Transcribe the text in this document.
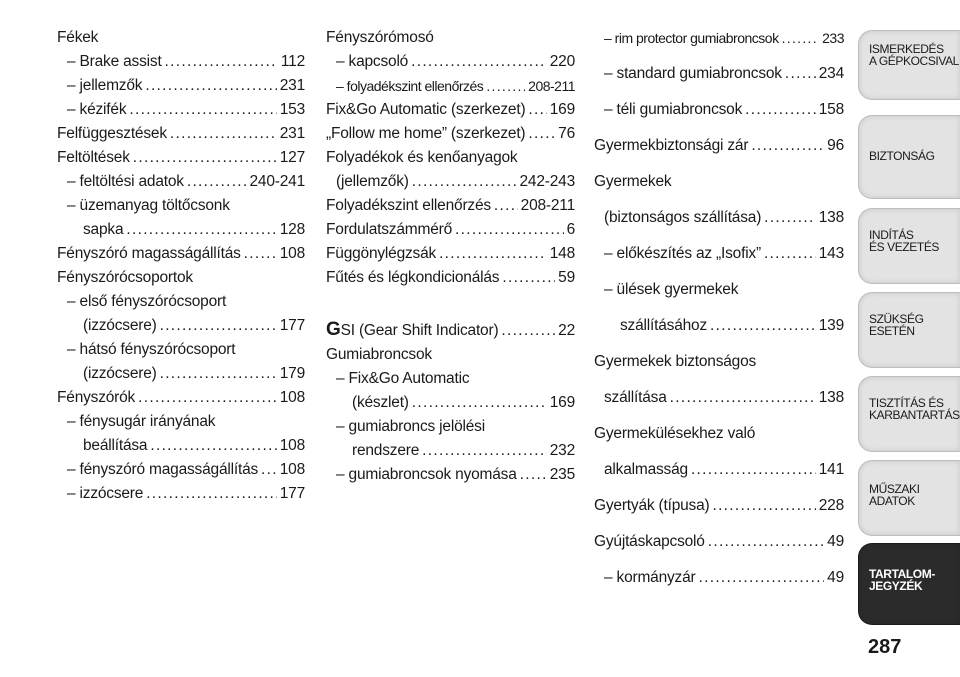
Fékek
– Brake assist .....	112
– jellemzők .....	231
– kézifék .....	153
Felfüggesztések .....	231
Feltöltések .....	127
– feltöltési adatok .....	240-241
– üzemanyag töltőcsonk
sapka .....	128
Fényszóró magasságállítás .....	108
Fényszórócsoportok
– első fényszórócsoport
(izzócsere) .....	177
– hátsó fényszórócsoport
(izzócsere) .....	179
Fényszórók .....	108
– fénysugár irányának
beállítása .....	108
– fényszóró magasságállítás ..... 108
– izzócsere .....	177
Fényszórómosó
– kapcsoló .....	220
– folyadékszint ellenőrzés .....	208-211
Fix&Go Automatic (szerkezet) ..... 169
„Follow me home” (szerkezet) ..... 76
Folyadékok és kenőanyagok
(jellemzők) .....	242-243
Folyadékszint ellenőrzés ..... 208-211
Fordulatszámmérő .....	6
Függönylégzsák .....	148
Fűtés és légkondicionálás .....	59
GSI (Gear Shift Indicator) .....	22
Gumiabroncsok
– Fix&Go Automatic
(készlet) .....	169
– gumiabroncs jelölési
rendszere .....	232
– gumiabroncsok nyomása ..... 235
– rim protector gumiabroncsok .....	233
– standard gumiabroncsok ..... 234
– téli gumiabroncsok .....	158
Gyermekbiztonsági zár .....	96
Gyermekek
(biztonságos szállítása) .....	138
– előkészítés az „Isofix” .....	143
– ülések gyermekek
szállításához .....	139
Gyermekek biztonságos
szállítása .....	138
Gyermekülésekhez való
alkalmasság .....	141
Gyertyák (típusa) .....	228
Gyújtáskapcsoló .....	49
– kormányzár .....	49
ISMERKEDÉS
A GÉPKOCSIVAL
BIZTONSÁG
INDÍTÁS
ÉS VEZETÉS
SZÜKSÉG
ESETÉN
TISZTÍTÁS ÉS
KARBANTARTÁS
MŰSZAKI
ADATOK
TARTALOM-
JEGYZÉK
287
